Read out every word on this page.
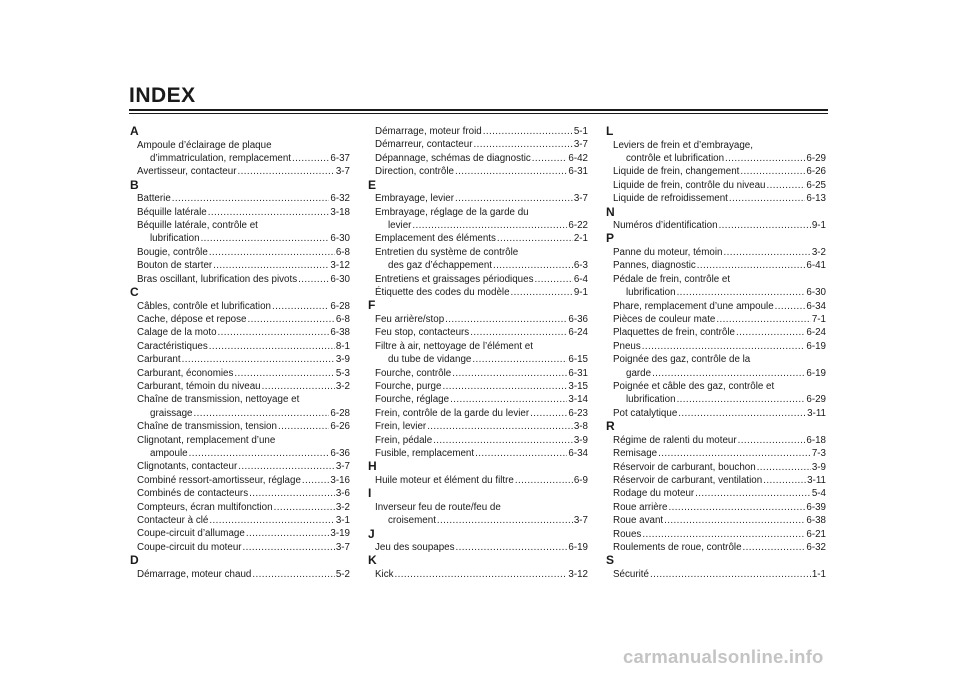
INDEX
A
Ampoule d’éclairage de plaque
d’immatriculation, remplacement .....	6-37
Avertisseur, contacteur .....	3-7
B
Batterie .....	6-32
Béquille latérale .....	3-18
Béquille latérale, contrôle et
lubrification .....	6-30
Bougie, contrôle .....	6-8
Bouton de starter .....	3-12
Bras oscillant, lubrification des pivots .....	6-30
C
Câbles, contrôle et lubrification .....	6-28
Cache, dépose et repose .....	6-8
Calage de la moto .....	6-38
Caractéristiques .....	8-1
Carburant .....	3-9
Carburant, économies .....	5-3
Carburant, témoin du niveau .....	3-2
Chaîne de transmission, nettoyage et
graissage .....	6-28
Chaîne de transmission, tension .....	6-26
Clignotant, remplacement d’une
ampoule .....	6-36
Clignotants, contacteur .....	3-7
Combiné ressort-amortisseur, réglage .....	3-16
Combinés de contacteurs .....	3-6
Compteurs, écran multifonction .....	3-2
Contacteur à clé .....	3-1
Coupe-circuit d’allumage .....	3-19
Coupe-circuit du moteur .....	3-7
D
Démarrage, moteur chaud .....	5-2
Démarrage, moteur froid .....	5-1
Démarreur, contacteur .....	3-7
Dépannage, schémas de diagnostic .....	6-42
Direction, contrôle .....	6-31
E
Embrayage, levier .....	3-7
Embrayage, réglage de la garde du
levier .....	6-22
Emplacement des éléments .....	2-1
Entretien du système de contrôle
des gaz d’échappement .....	6-3
Entretiens et graissages périodiques .....	6-4
Étiquette des codes du modèle .....	9-1
F
Feu arrière/stop .....	6-36
Feu stop, contacteurs .....	6-24
Filtre à air, nettoyage de l’élément et
du tube de vidange .....	6-15
Fourche, contrôle .....	6-31
Fourche, purge .....	3-15
Fourche, réglage .....	3-14
Frein, contrôle de la garde du levier .....	6-23
Frein, levier .....	3-8
Frein, pédale .....	3-9
Fusible, remplacement .....	6-34
H
Huile moteur et élément du filtre .....	6-9
I
Inverseur feu de route/feu de
croisement .....	3-7
J
Jeu des soupapes .....	6-19
K
Kick .....	3-12
L
Leviers de frein et d’embrayage,
contrôle et lubrification .....	6-29
Liquide de frein, changement .....	6-26
Liquide de frein, contrôle du niveau .....	6-25
Liquide de refroidissement .....	6-13
N
Numéros d’identification .....	9-1
P
Panne du moteur, témoin .....	3-2
Pannes, diagnostic .....	6-41
Pédale de frein, contrôle et
lubrification .....	6-30
Phare, remplacement d’une ampoule .....	6-34
Pièces de couleur mate .....	7-1
Plaquettes de frein, contrôle .....	6-24
Pneus .....	6-19
Poignée des gaz, contrôle de la
garde .....	6-19
Poignée et câble des gaz, contrôle et
lubrification .....	6-29
Pot catalytique .....	3-11
R
Régime de ralenti du moteur .....	6-18
Remisage .....	7-3
Réservoir de carburant, bouchon .....	3-9
Réservoir de carburant, ventilation .....	3-11
Rodage du moteur .....	5-4
Roue arrière .....	6-39
Roue avant .....	6-38
Roues .....	6-21
Roulements de roue, contrôle .....	6-32
S
Sécurité .....	1-1
carmanualsonline.info
